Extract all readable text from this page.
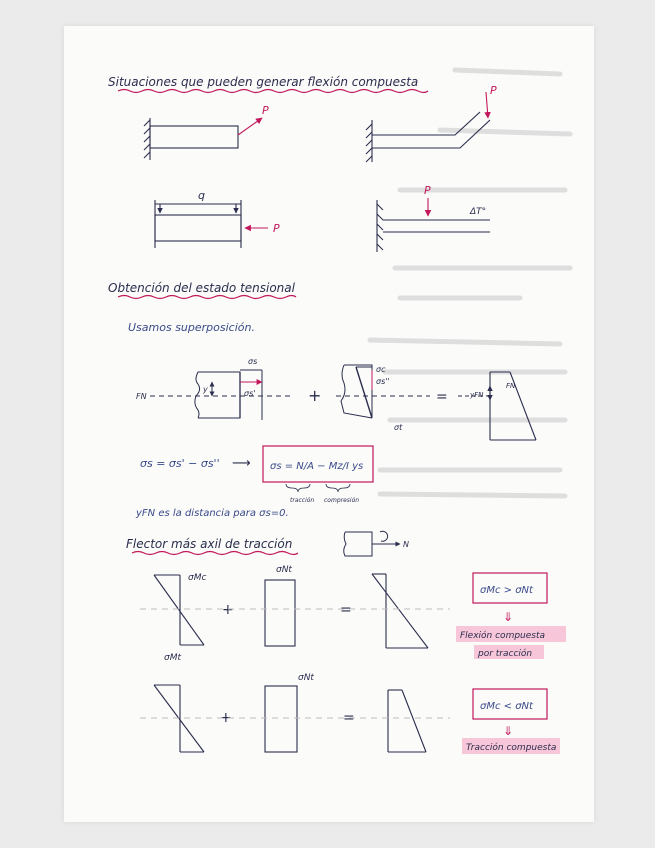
Situaciones que pueden generar flexión compuesta
P
P
q
P
P
ΔT°
Obtención del estado tensional
Usamos superposición.
FN
y
σs
σs'	+
σc
σs''
σt
=	yFN
FN
σs = σs' − σs'' ⟶ σs = N/A − Mz/I ys
tracción compresión
yFN es la distancia para σs=0.
Flector más axil de tracción	N
σMc
σMt
+
σNt
=
σMc > σNt
⇓
Flexión compuesta
por tracción
+
σNt
=
σMc < σNt
⇓
Tracción compuesta
